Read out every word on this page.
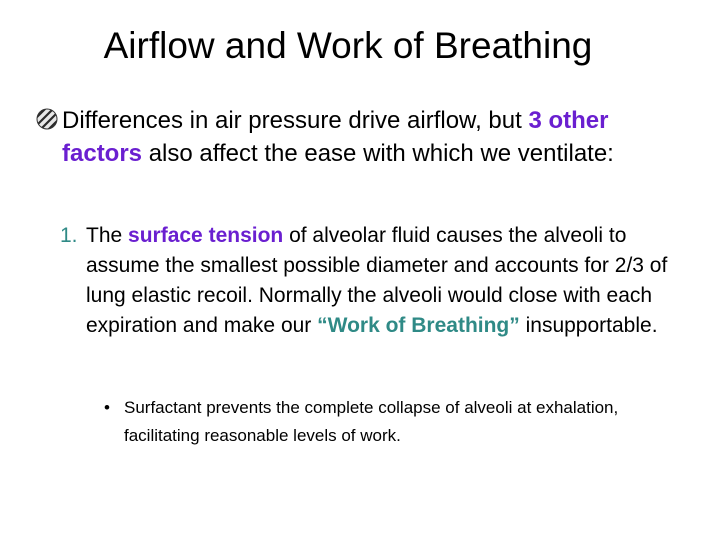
Airflow and Work of Breathing
Differences in air pressure drive airflow, but 3 other factors also affect the ease with which we ventilate:
1. The surface tension of alveolar fluid causes the alveoli to assume the smallest possible diameter and accounts for 2/3 of lung elastic recoil. Normally the alveoli would close with each expiration and make our “Work of Breathing” insupportable.
• Surfactant prevents the complete collapse of alveoli at exhalation, facilitating reasonable levels of work.
